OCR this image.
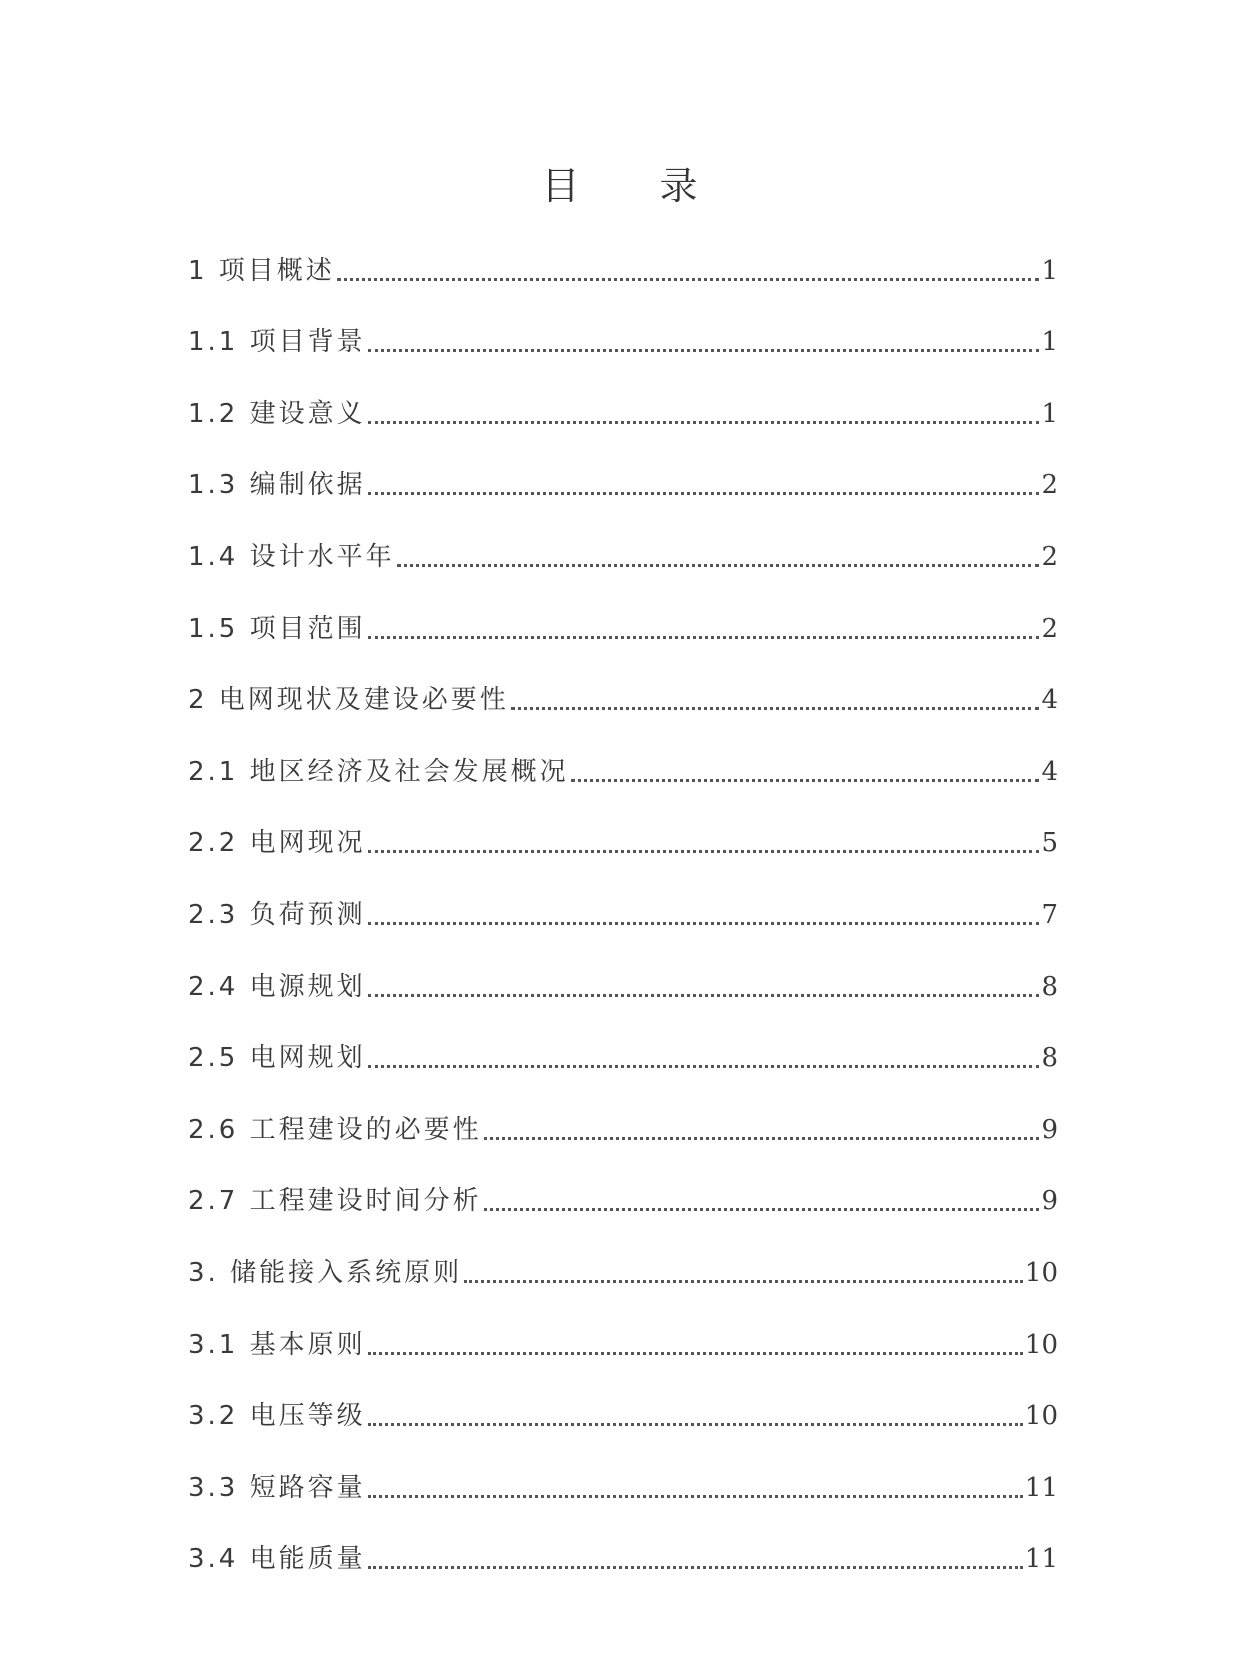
目 录
1 项目概述	1
1.1 项目背景	1
1.2 建设意义	1
1.3 编制依据	2
1.4 设计水平年	2
1.5 项目范围	2
2 电网现状及建设必要性	4
2.1 地区经济及社会发展概况	4
2.2 电网现况	5
2.3 负荷预测	7
2.4 电源规划	8
2.5 电网规划	8
2.6 工程建设的必要性	9
2.7 工程建设时间分析	9
3. 储能接入系统原则	10
3.1 基本原则	10
3.2 电压等级	10
3.3 短路容量	11
3.4 电能质量	11
